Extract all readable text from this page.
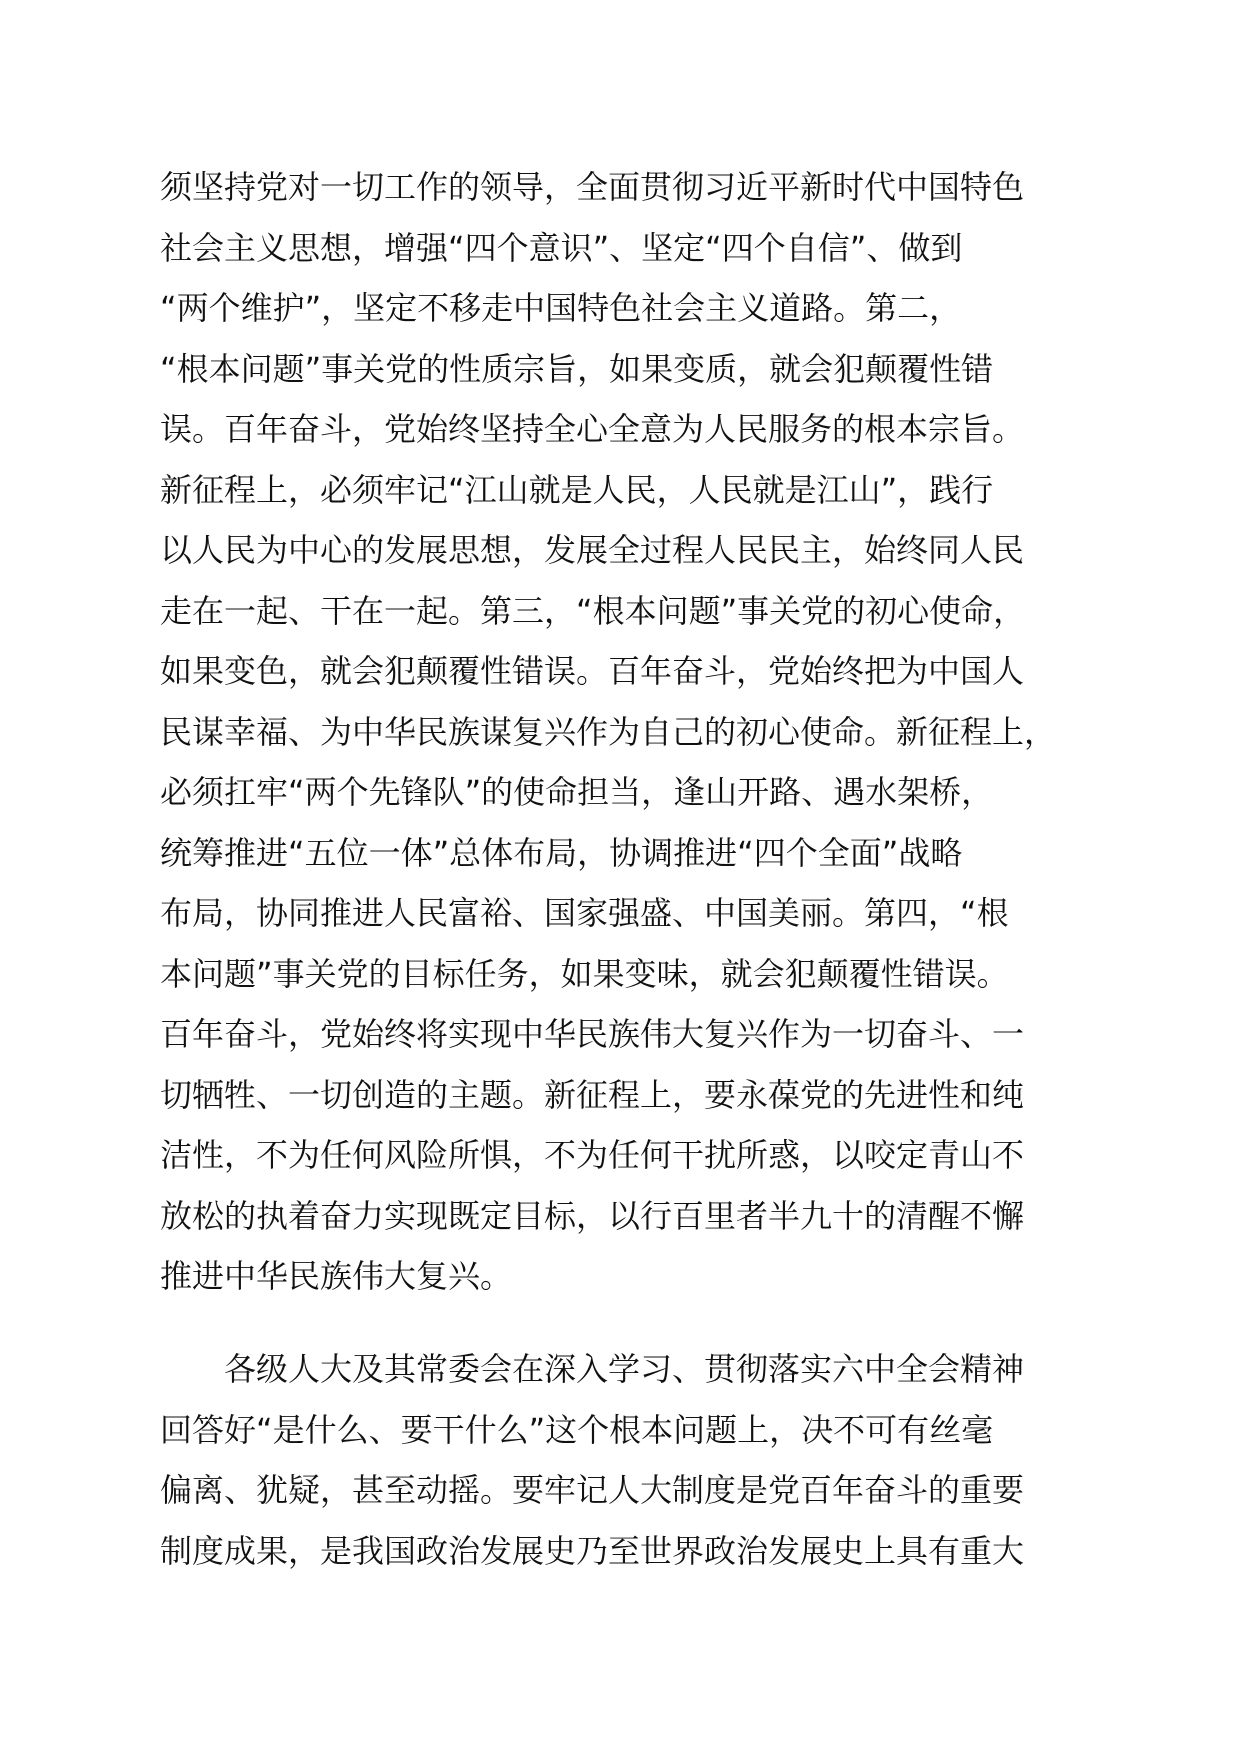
须坚持党对一切工作的领导，全面贯彻习近平新时代中国特色
社会主义思想，增强“四个意识”、坚定“四个自信”、做到
“两个维护”，坚定不移走中国特色社会主义道路。第二，
“根本问题”事关党的性质宗旨，如果变质，就会犯颠覆性错
误。百年奋斗，党始终坚持全心全意为人民服务的根本宗旨。
新征程上，必须牢记“江山就是人民，人民就是江山”，践行
以人民为中心的发展思想，发展全过程人民民主，始终同人民
走在一起、干在一起。第三，“根本问题”事关党的初心使命，
如果变色，就会犯颠覆性错误。百年奋斗，党始终把为中国人
民谋幸福、为中华民族谋复兴作为自己的初心使命。新征程上，
必须扛牢“两个先锋队”的使命担当，逢山开路、遇水架桥，
统筹推进“五位一体”总体布局，协调推进“四个全面”战略
布局，协同推进人民富裕、国家强盛、中国美丽。第四，“根
本问题”事关党的目标任务，如果变味，就会犯颠覆性错误。
百年奋斗，党始终将实现中华民族伟大复兴作为一切奋斗、一
切牺牲、一切创造的主题。新征程上，要永葆党的先进性和纯
洁性，不为任何风险所惧，不为任何干扰所惑，以咬定青山不
放松的执着奋力实现既定目标，以行百里者半九十的清醒不懈
推进中华民族伟大复兴。
　　各级人大及其常委会在深入学习、贯彻落实六中全会精神
回答好“是什么、要干什么”这个根本问题上，决不可有丝毫
偏离、犹疑，甚至动摇。要牢记人大制度是党百年奋斗的重要
制度成果，是我国政治发展史乃至世界政治发展史上具有重大
